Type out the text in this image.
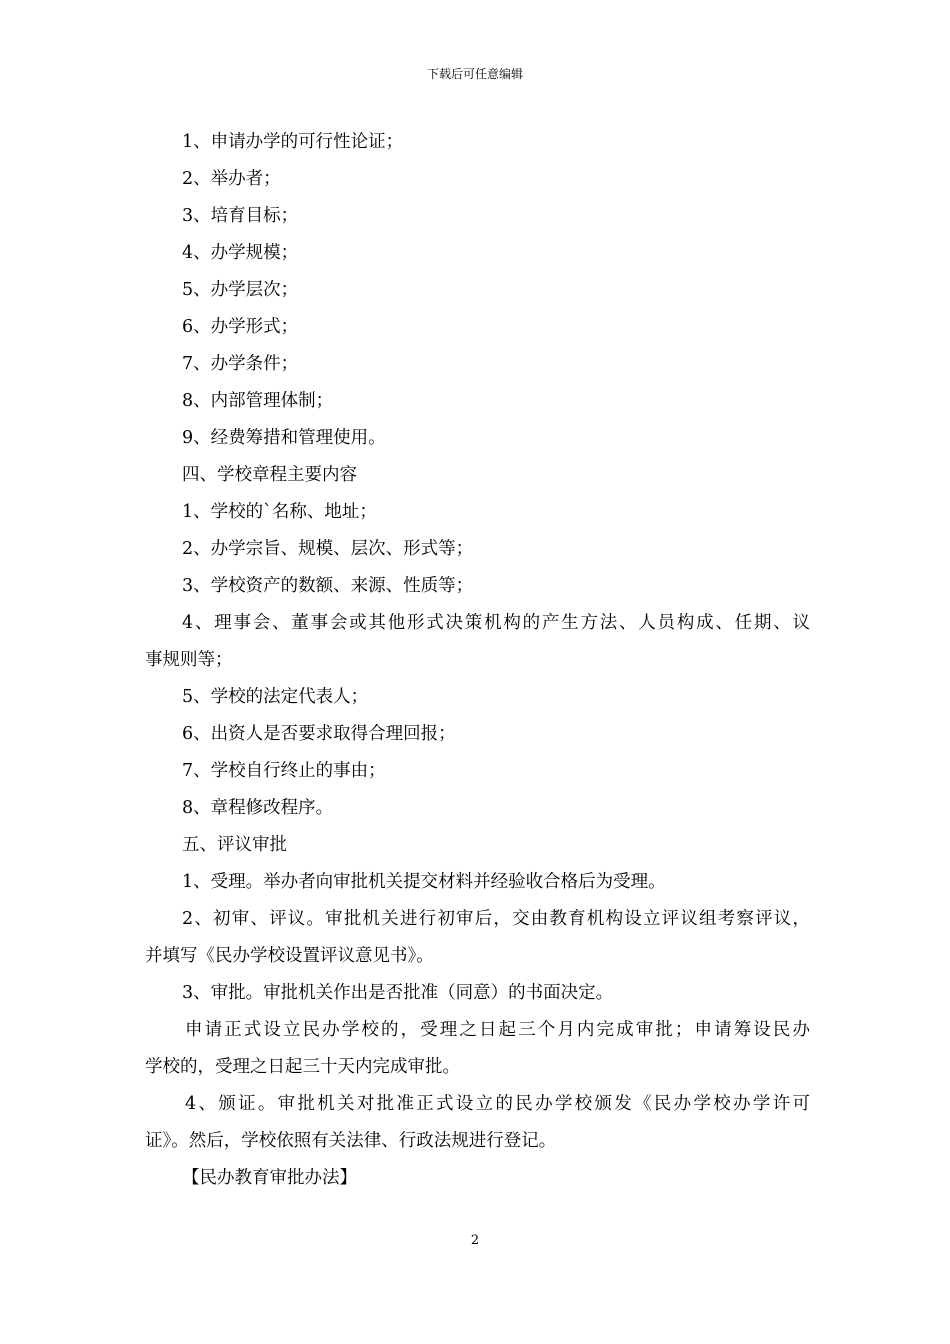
下载后可任意编辑
1、申请办学的可行性论证；
2、举办者；
3、培育目标；
4、办学规模；
5、办学层次；
6、办学形式；
7、办学条件；
8、内部管理体制；
9、经费筹措和管理使用。
四、学校章程主要内容
1、学校的`名称、地址；
2、办学宗旨、规模、层次、形式等；
3、学校资产的数额、来源、性质等；
4、理事会、董事会或其他形式决策机构的产生方法、人员构成、任期、议
事规则等；
5、学校的法定代表人；
6、出资人是否要求取得合理回报；
7、学校自行终止的事由；
8、章程修改程序。
五、评议审批
1、受理。举办者向审批机关提交材料并经验收合格后为受理。
2、初审、评议。审批机关进行初审后，交由教育机构设立评议组考察评议，
并填写《民办学校设置评议意见书》。
3、审批。审批机关作出是否批准（同意）的书面决定。
申请正式设立民办学校的，受理之日起三个月内完成审批；申请筹设民办
学校的，受理之日起三十天内完成审批。
4、颁证。审批机关对批准正式设立的民办学校颁发《民办学校办学许可
证》。然后，学校依照有关法律、行政法规进行登记。
【民办教育审批办法】
2
